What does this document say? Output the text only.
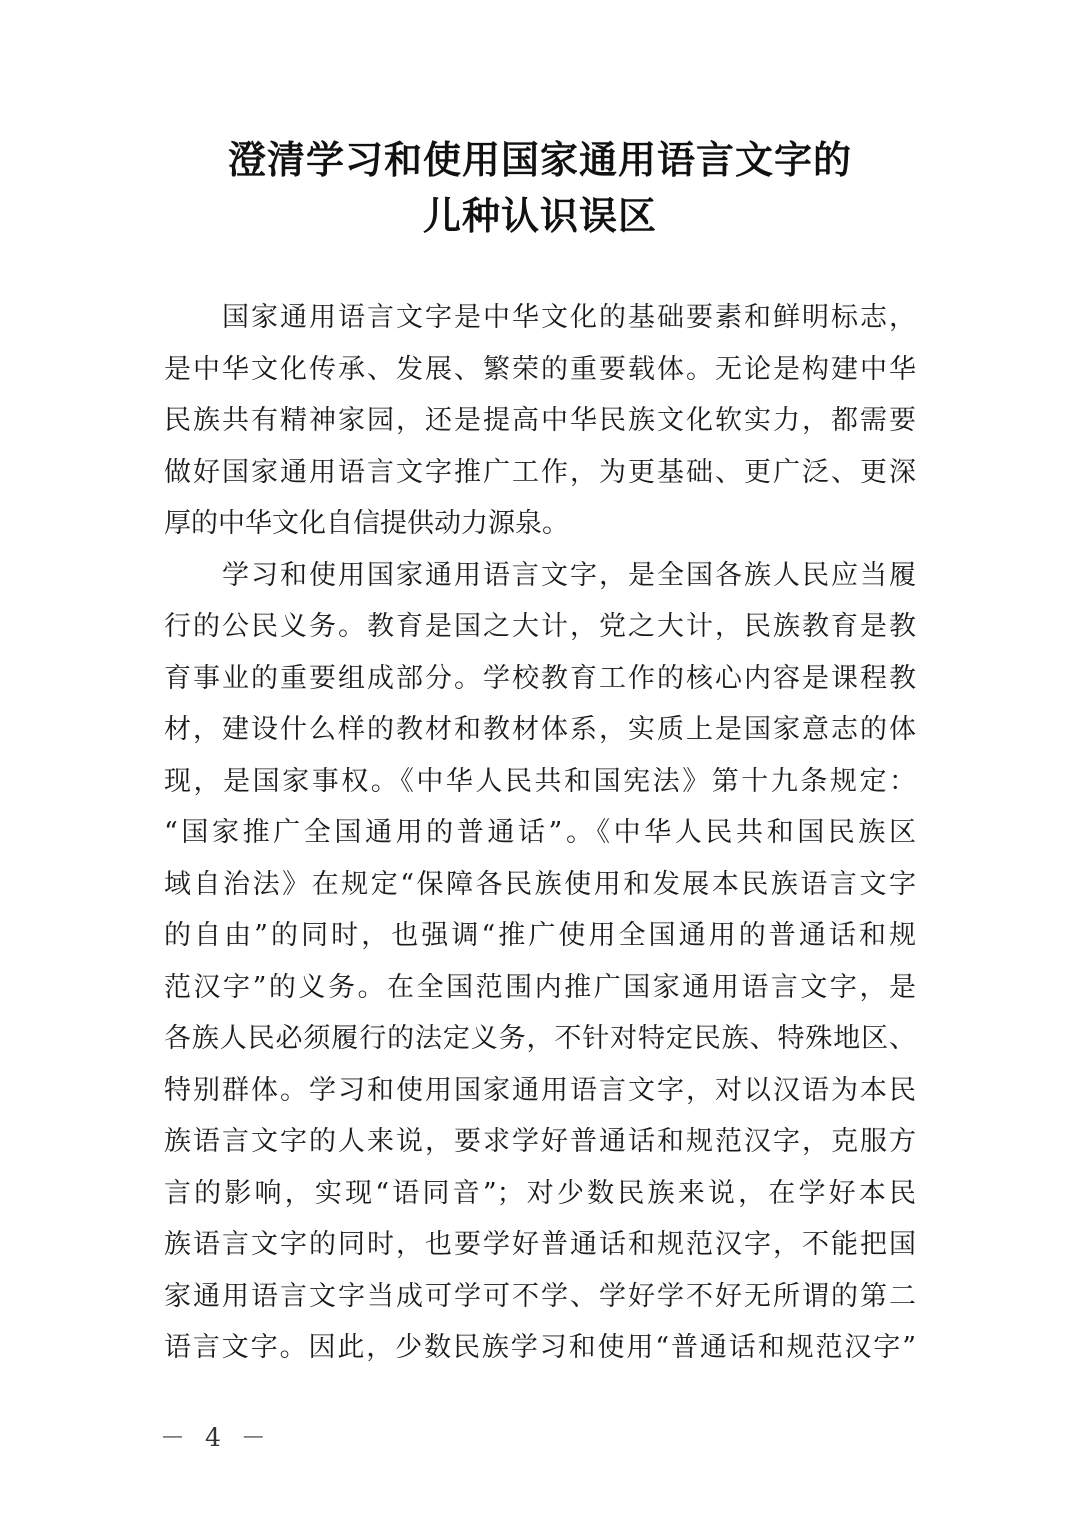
澄清学习和使用国家通用语言文字的
儿种认识误区
　　国家通用语言文字是中华文化的基础要素和鲜明标志，
是中华文化传承、发展、繁荣的重要载体。无论是构建中华
民族共有精神家园，还是提高中华民族文化软实力，都需要
做好国家通用语言文字推广工作，为更基础、更广泛、更深
厚的中华文化自信提供动力源泉。
　　学习和使用国家通用语言文字，是全国各族人民应当履
行的公民义务。教育是国之大计，党之大计，民族教育是教
育事业的重要组成部分。学校教育工作的核心内容是课程教
材，建设什么样的教材和教材体系，实质上是国家意志的体
现，是国家事权。《中华人民共和国宪法》第十九条规定：
“国家推广全国通用的普通话”。《中华人民共和国民族区
域自治法》在规定“保障各民族使用和发展本民族语言文字
的自由”的同时，也强调“推广使用全国通用的普通话和规
范汉字”的义务。在全国范围内推广国家通用语言文字，是
各族人民必须履行的法定义务，不针对特定民族、特殊地区、
特别群体。学习和使用国家通用语言文字，对以汉语为本民
族语言文字的人来说，要求学好普通话和规范汉字，克服方
言的影响，实现“语同音”；对少数民族来说，在学好本民
族语言文字的同时，也要学好普通话和规范汉字，不能把国
家通用语言文字当成可学可不学、学好学不好无所谓的第二
语言文字。因此，少数民族学习和使用“普通话和规范汉字”
－ 4 －
